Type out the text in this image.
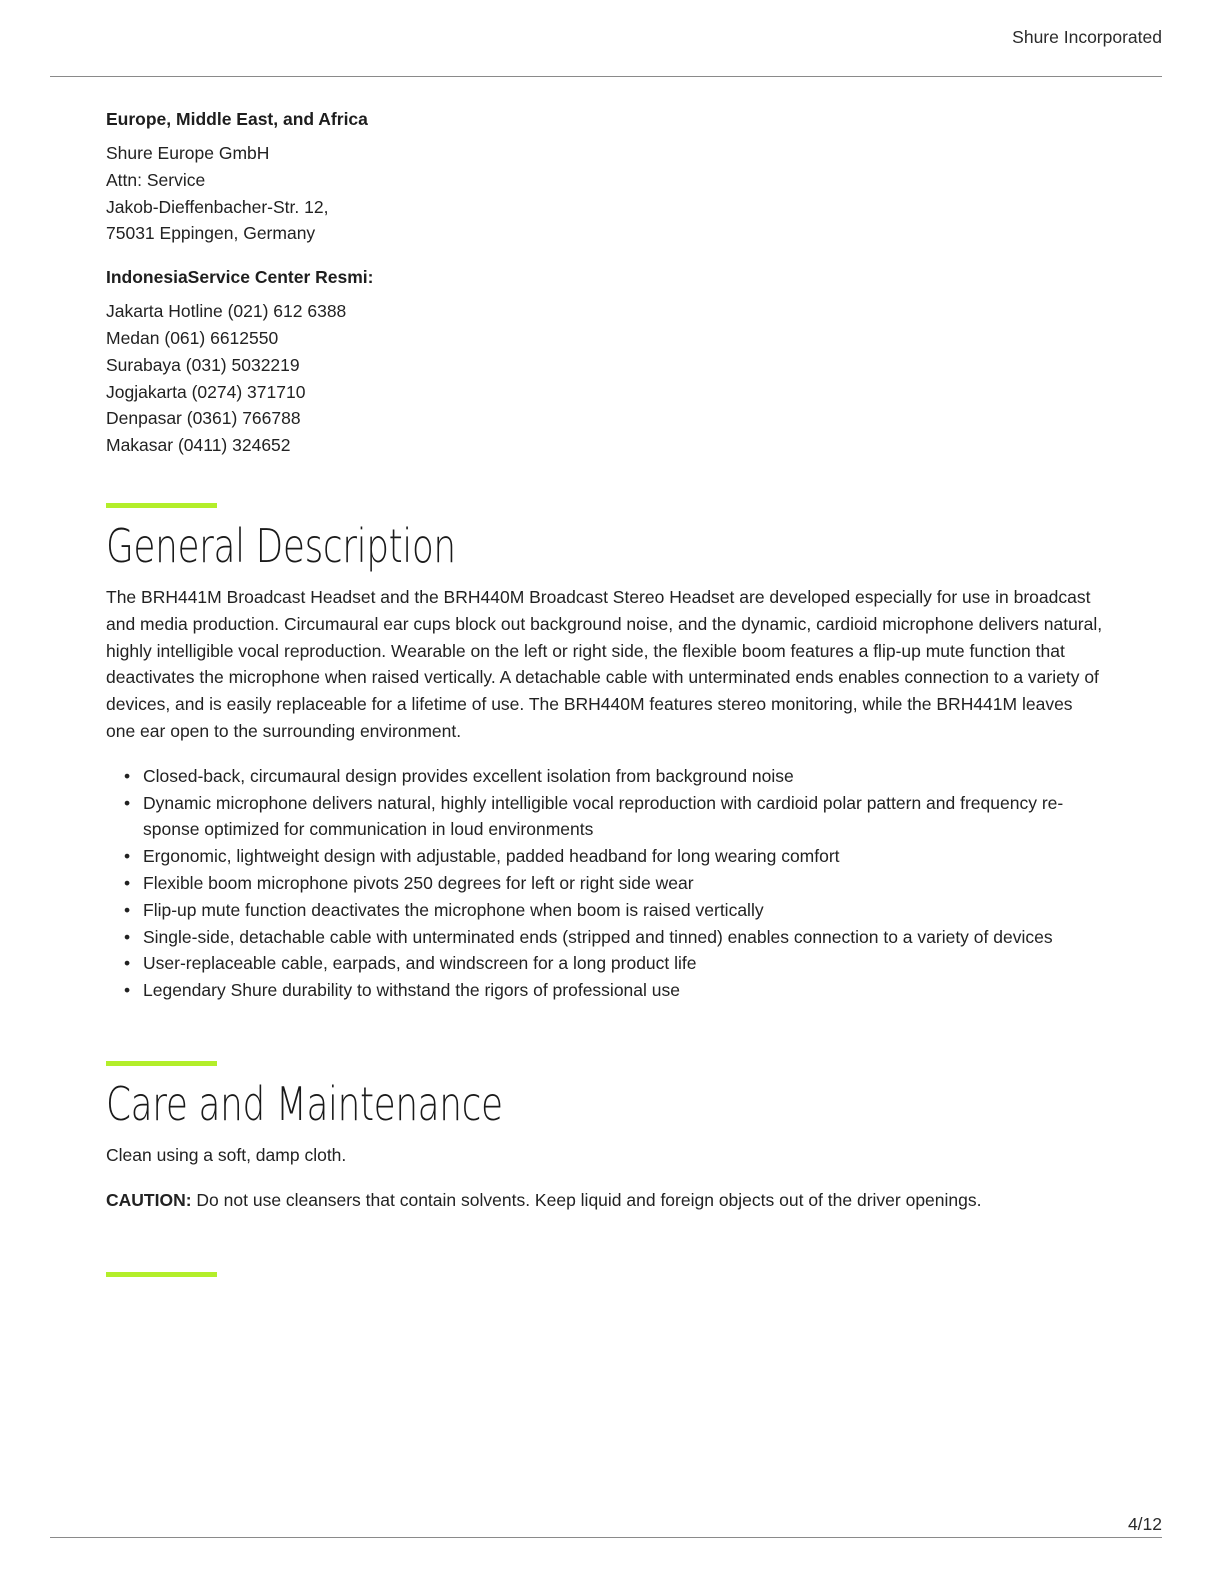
Shure Incorporated
Europe, Middle East, and Africa
Shure Europe GmbH
Attn: Service
Jakob-Dieffenbacher-Str. 12,
75031 Eppingen, Germany
IndonesiaService Center Resmi:
Jakarta Hotline (021) 612 6388
Medan (061) 6612550
Surabaya (031) 5032219
Jogjakarta (0274) 371710
Denpasar (0361) 766788
Makasar (0411) 324652
General Description

The BRH441M Broadcast Headset and the BRH440M Broadcast Stereo Headset are developed especially for use in broadcast and media production. Circumaural ear cups block out background noise, and the dynamic, cardioid microphone delivers natural, highly intelligible vocal reproduction. Wearable on the left or right side, the flexible boom features a flip-up mute function that deactivates the microphone when raised vertically. A detachable cable with unterminated ends enables connection to a variety of devices, and is easily replaceable for a lifetime of use. The BRH440M features stereo monitoring, while the BRH441M leaves one ear open to the surrounding environment.

• Closed-back, circumaural design provides excellent isolation from background noise
• Dynamic microphone delivers natural, highly intelligible vocal reproduction with cardioid polar pattern and frequency response optimized for communication in loud environments
• Ergonomic, lightweight design with adjustable, padded headband for long wearing comfort
• Flexible boom microphone pivots 250 degrees for left or right side wear
• Flip-up mute function deactivates the microphone when boom is raised vertically
• Single-side, detachable cable with unterminated ends (stripped and tinned) enables connection to a variety of devices
• User-replaceable cable, earpads, and windscreen for a long product life
• Legendary Shure durability to withstand the rigors of professional use
Care and Maintenance

Clean using a soft, damp cloth.

CAUTION: Do not use cleansers that contain solvents. Keep liquid and foreign objects out of the driver openings.

4/12
